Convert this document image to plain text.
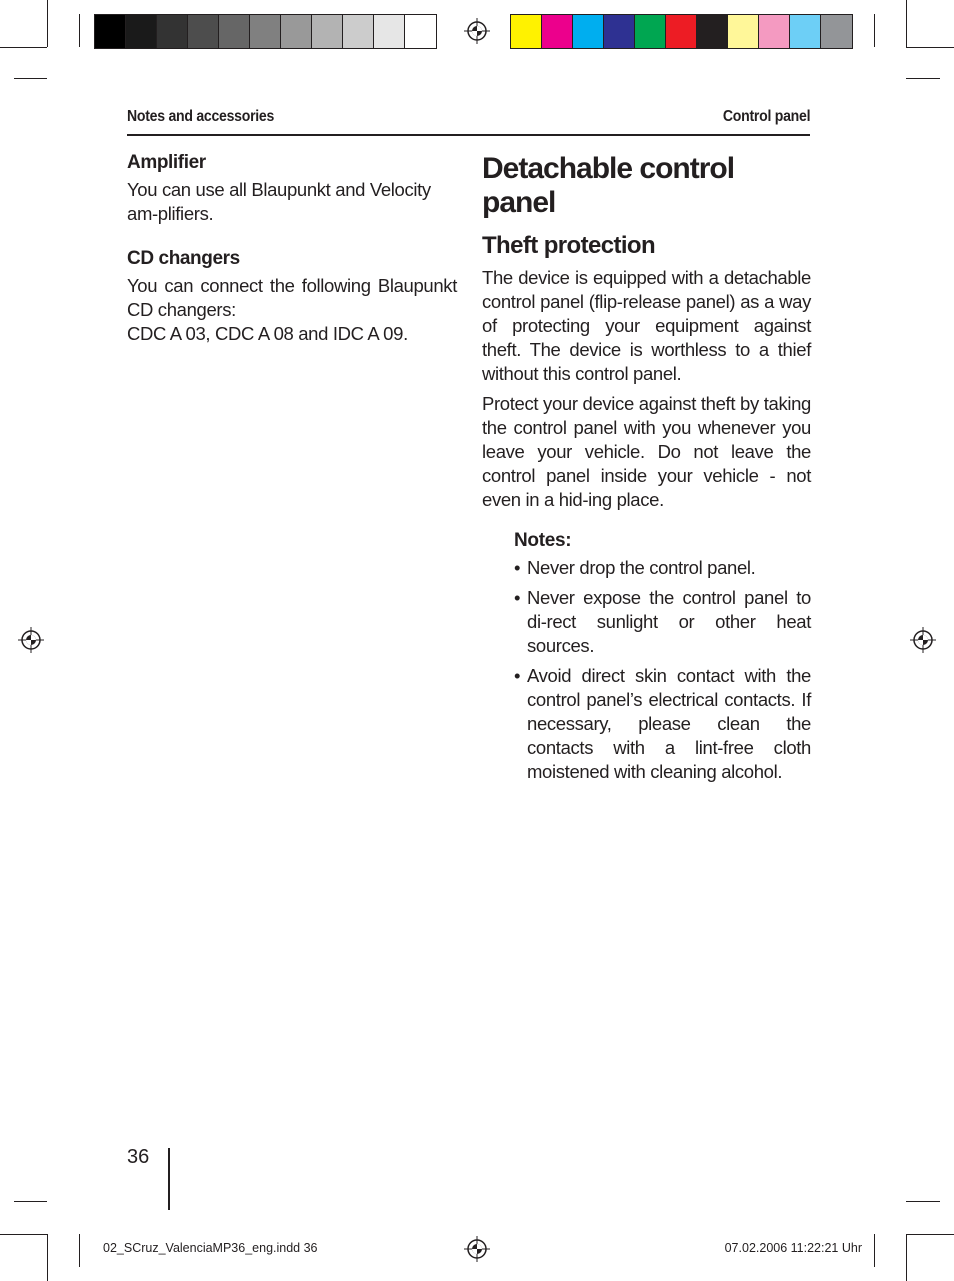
Notes and accessories	Control panel

Amplifier

You can use all Blaupunkt and Velocity am-plifiers.

CD changers

You can connect the following Blaupunkt CD changers:

CDC A 03, CDC A 08 and IDC A 09.

Detachable control panel
Theft protection

The device is equipped with a detachable control panel (flip-release panel) as a way of protecting your equipment against theft. The device is worthless to a thief without this control panel.

Protect your device against theft by taking the control panel with you whenever you leave your vehicle. Do not leave the control panel inside your vehicle - not even in a hid-ing place.

Notes:

• Never drop the control panel.
• Never expose the control panel to di-rect sunlight or other heat sources.
• Avoid direct skin contact with the control panel’s electrical contacts. If necessary, please clean the contacts with a lint-free cloth moistened with cleaning alcohol.
36
02_SCruz_ValenciaMP36_eng.indd 36	07.02.2006 11:22:21 Uhr
